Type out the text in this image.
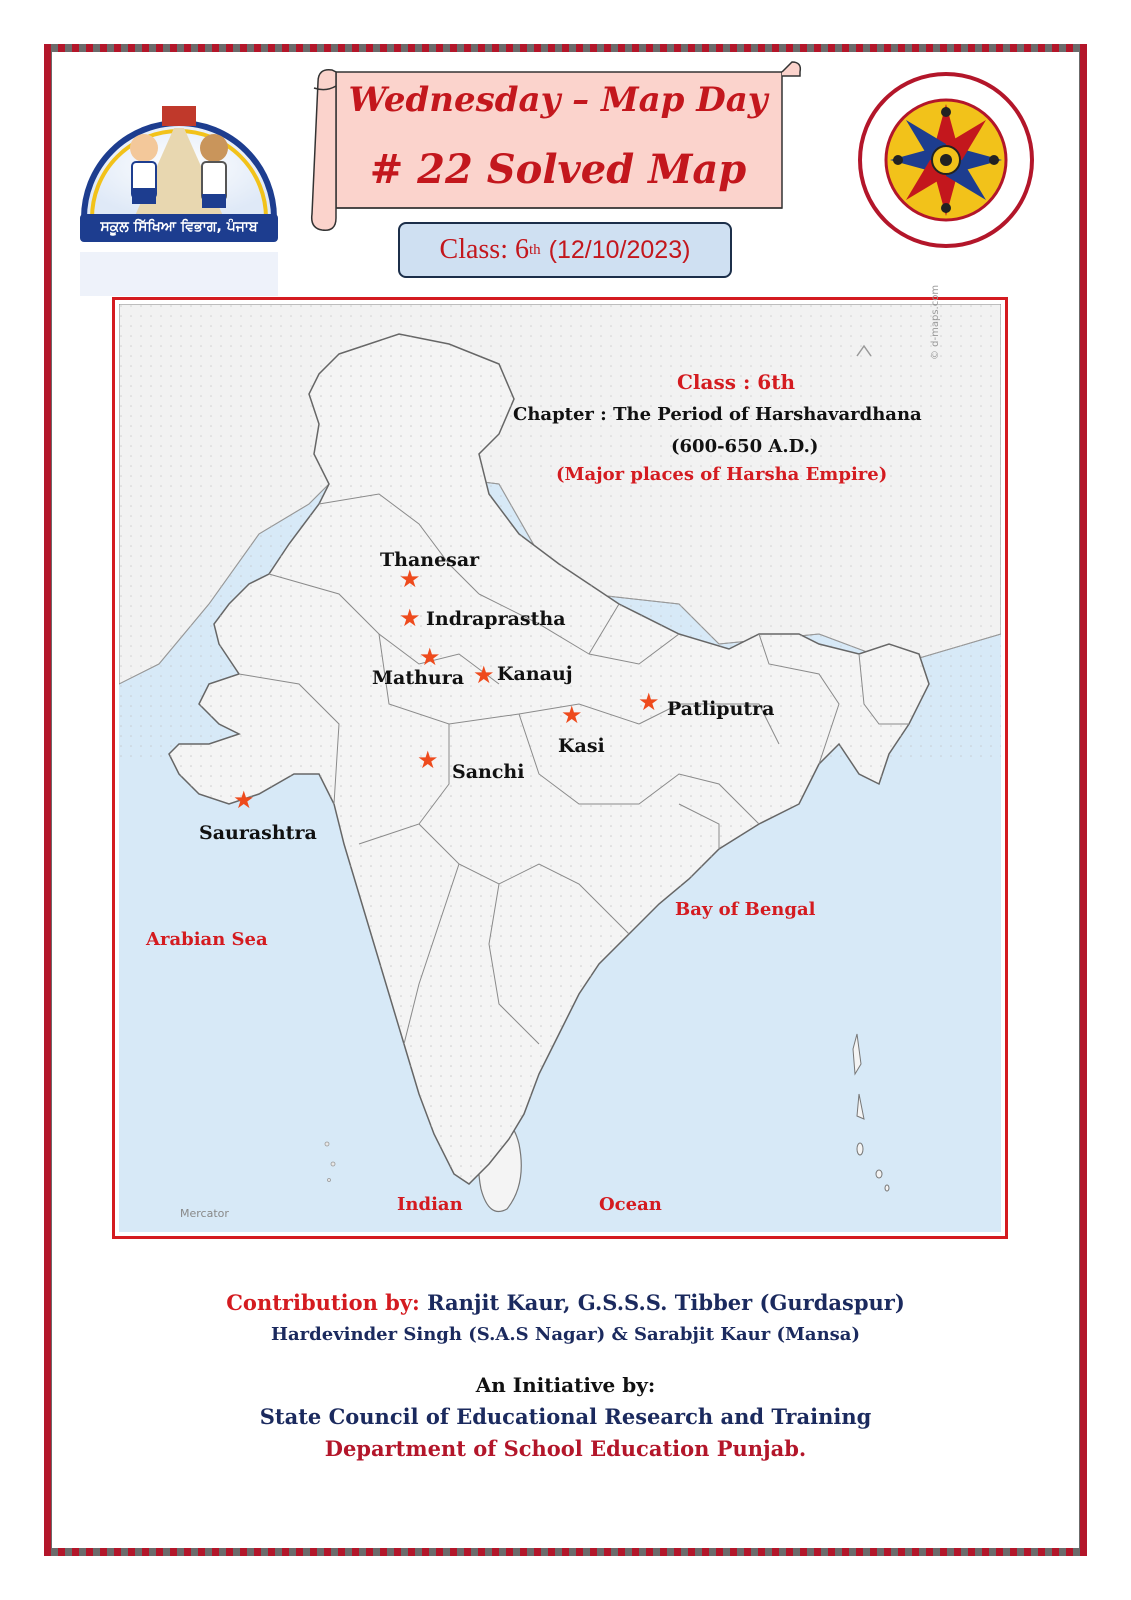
ਸਕੂਲ ਸਿੱਖਿਆ ਵਿਭਾਗ, ਪੰਜਾਬ
Wednesday – Map Day
# 22 Solved Map
Class: 6 th (12/10/2023)
© d-maps.com
Mercator
Class : 6th
Chapter : The Period of Harshavardhana
(600-650 A.D.)
(Major places of Harsha Empire)
★
★
★
★
★ ★
★
★
Thanesar
Indraprastha
Mathura Kanauj
Kasi
Patliputra
Sanchi
Saurashtra
Arabian Sea
Bay of Bengal
Indian	Ocean
Contribution by: Ranjit Kaur, G.S.S.S. Tibber (Gurdaspur)
Hardevinder Singh (S.A.S Nagar) & Sarabjit Kaur (Mansa)
An Initiative by:
State Council of Educational Research and Training
Department of School Education Punjab.
